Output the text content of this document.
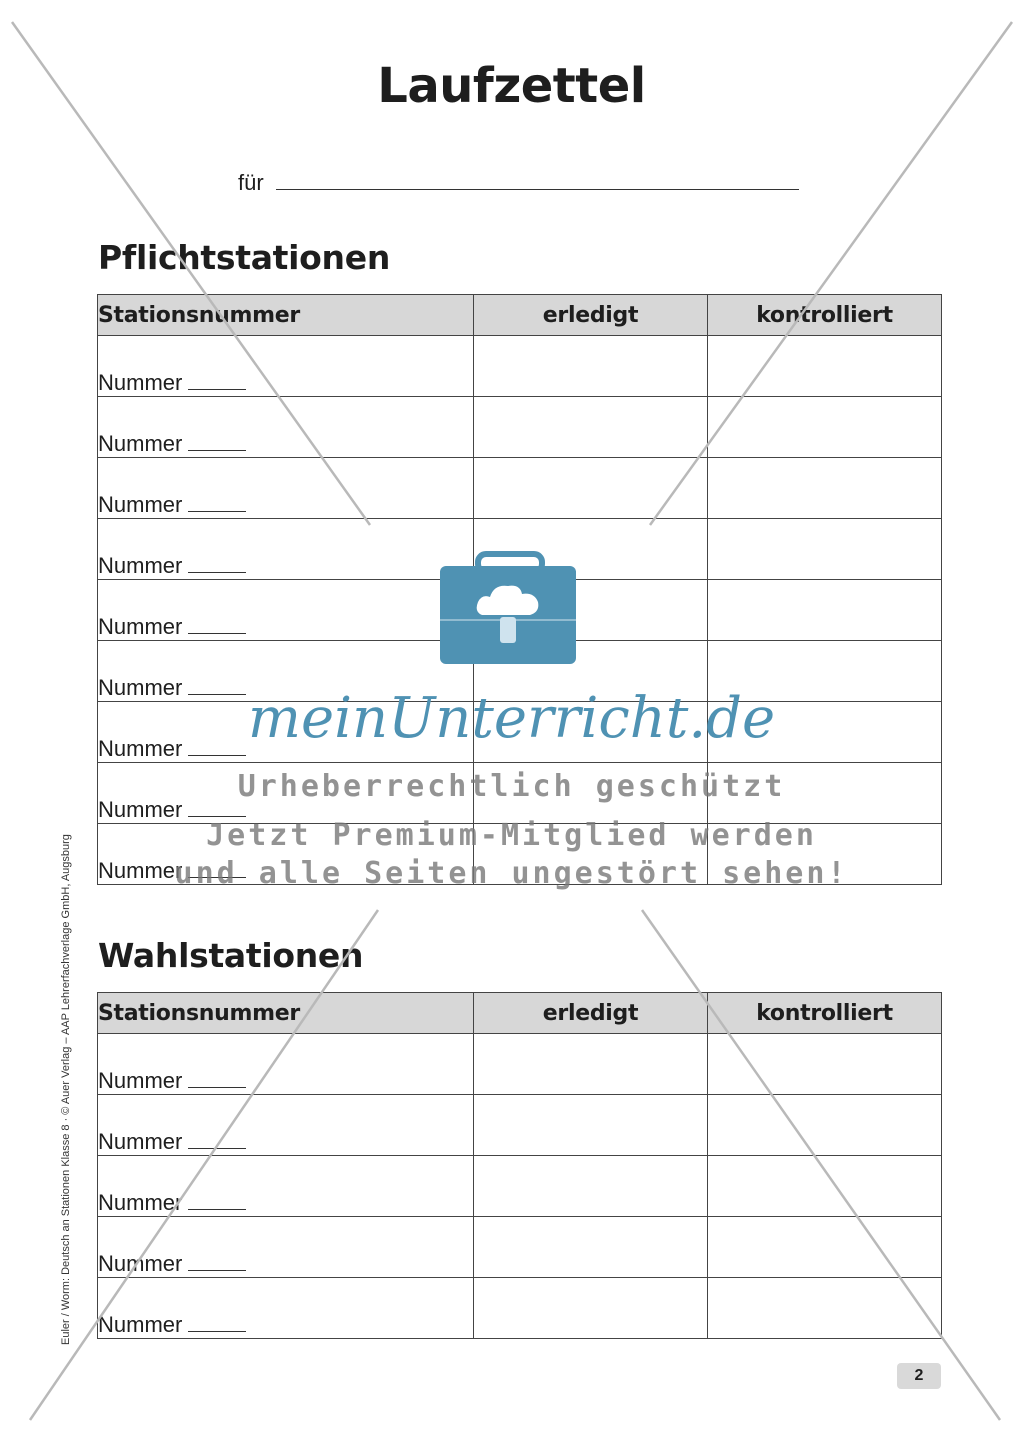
Laufzettel
für
Pflichtstationen
Stationsnummer	erledigt	kontrolliert
Nummer		
Nummer		
Nummer		
Nummer		
Nummer		
Nummer		
Nummer		
Nummer		
Nummer		
Wahlstationen
Stationsnummer	erledigt	kontrolliert
Nummer		
Nummer		
Nummer		
Nummer		
Nummer		
Euler / Worm: Deutsch an Stationen Klasse 8 · © Auer Verlag – AAP Lehrerfachverlage GmbH, Augsburg
2
meinUnterricht.de
Urheberrechtlich geschützt
Jetzt Premium-Mitglied werden
und alle Seiten ungestört sehen!
